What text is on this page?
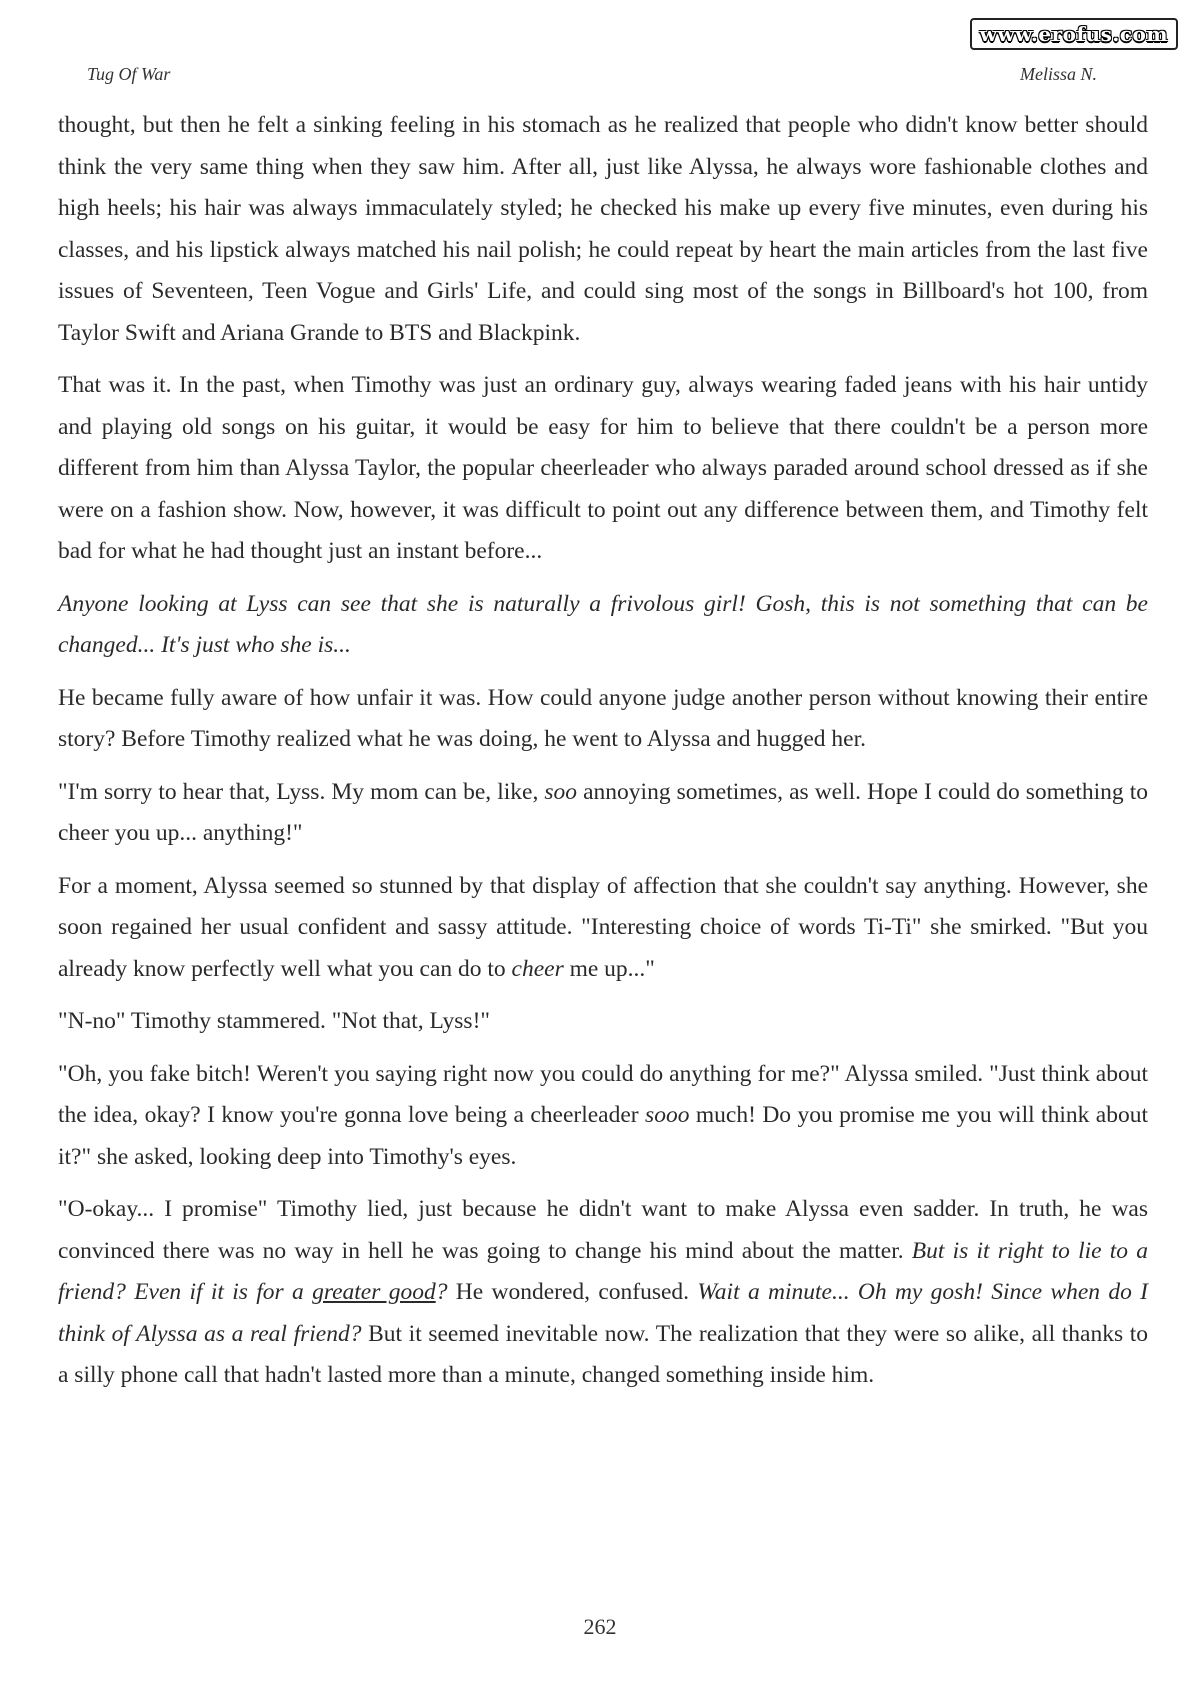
www.erofus.com
Tug Of War	Melissa N.

thought, but then he felt a sinking feeling in his stomach as he realized that people who didn't know better should think the very same thing when they saw him. After all, just like Alyssa, he always wore fashionable clothes and high heels; his hair was always immaculately styled; he checked his make up every five minutes, even during his classes, and his lipstick always matched his nail polish; he could repeat by heart the main articles from the last five issues of Seventeen, Teen Vogue and Girls' Life, and could sing most of the songs in Billboard's hot 100, from Taylor Swift and Ariana Grande to BTS and Blackpink.

That was it. In the past, when Timothy was just an ordinary guy, always wearing faded jeans with his hair untidy and playing old songs on his guitar, it would be easy for him to believe that there couldn't be a person more different from him than Alyssa Taylor, the popular cheerleader who always paraded around school dressed as if she were on a fashion show. Now, however, it was difficult to point out any difference between them, and Timothy felt bad for what he had thought just an instant before...

Anyone looking at Lyss can see that she is naturally a frivolous girl! Gosh, this is not something that can be changed... It's just who she is...

He became fully aware of how unfair it was. How could anyone judge another person without knowing their entire story? Before Timothy realized what he was doing, he went to Alyssa and hugged her.

"I'm sorry to hear that, Lyss. My mom can be, like, soo annoying sometimes, as well. Hope I could do something to cheer you up... anything!"

For a moment, Alyssa seemed so stunned by that display of affection that she couldn't say anything. However, she soon regained her usual confident and sassy attitude. "Interesting choice of words Ti-Ti" she smirked. "But you already know perfectly well what you can do to cheer me up..."

"N-no" Timothy stammered. "Not that, Lyss!"

"Oh, you fake bitch! Weren't you saying right now you could do anything for me?" Alyssa smiled. "Just think about the idea, okay? I know you're gonna love being a cheerleader sooo much! Do you promise me you will think about it?" she asked, looking deep into Timothy's eyes.

"O-okay... I promise" Timothy lied, just because he didn't want to make Alyssa even sadder. In truth, he was convinced there was no way in hell he was going to change his mind about the matter. But is it right to lie to a friend? Even if it is for a greater good? He wondered, confused. Wait a minute... Oh my gosh! Since when do I think of Alyssa as a real friend? But it seemed inevitable now. The realization that they were so alike, all thanks to a silly phone call that hadn't lasted more than a minute, changed something inside him.

262
